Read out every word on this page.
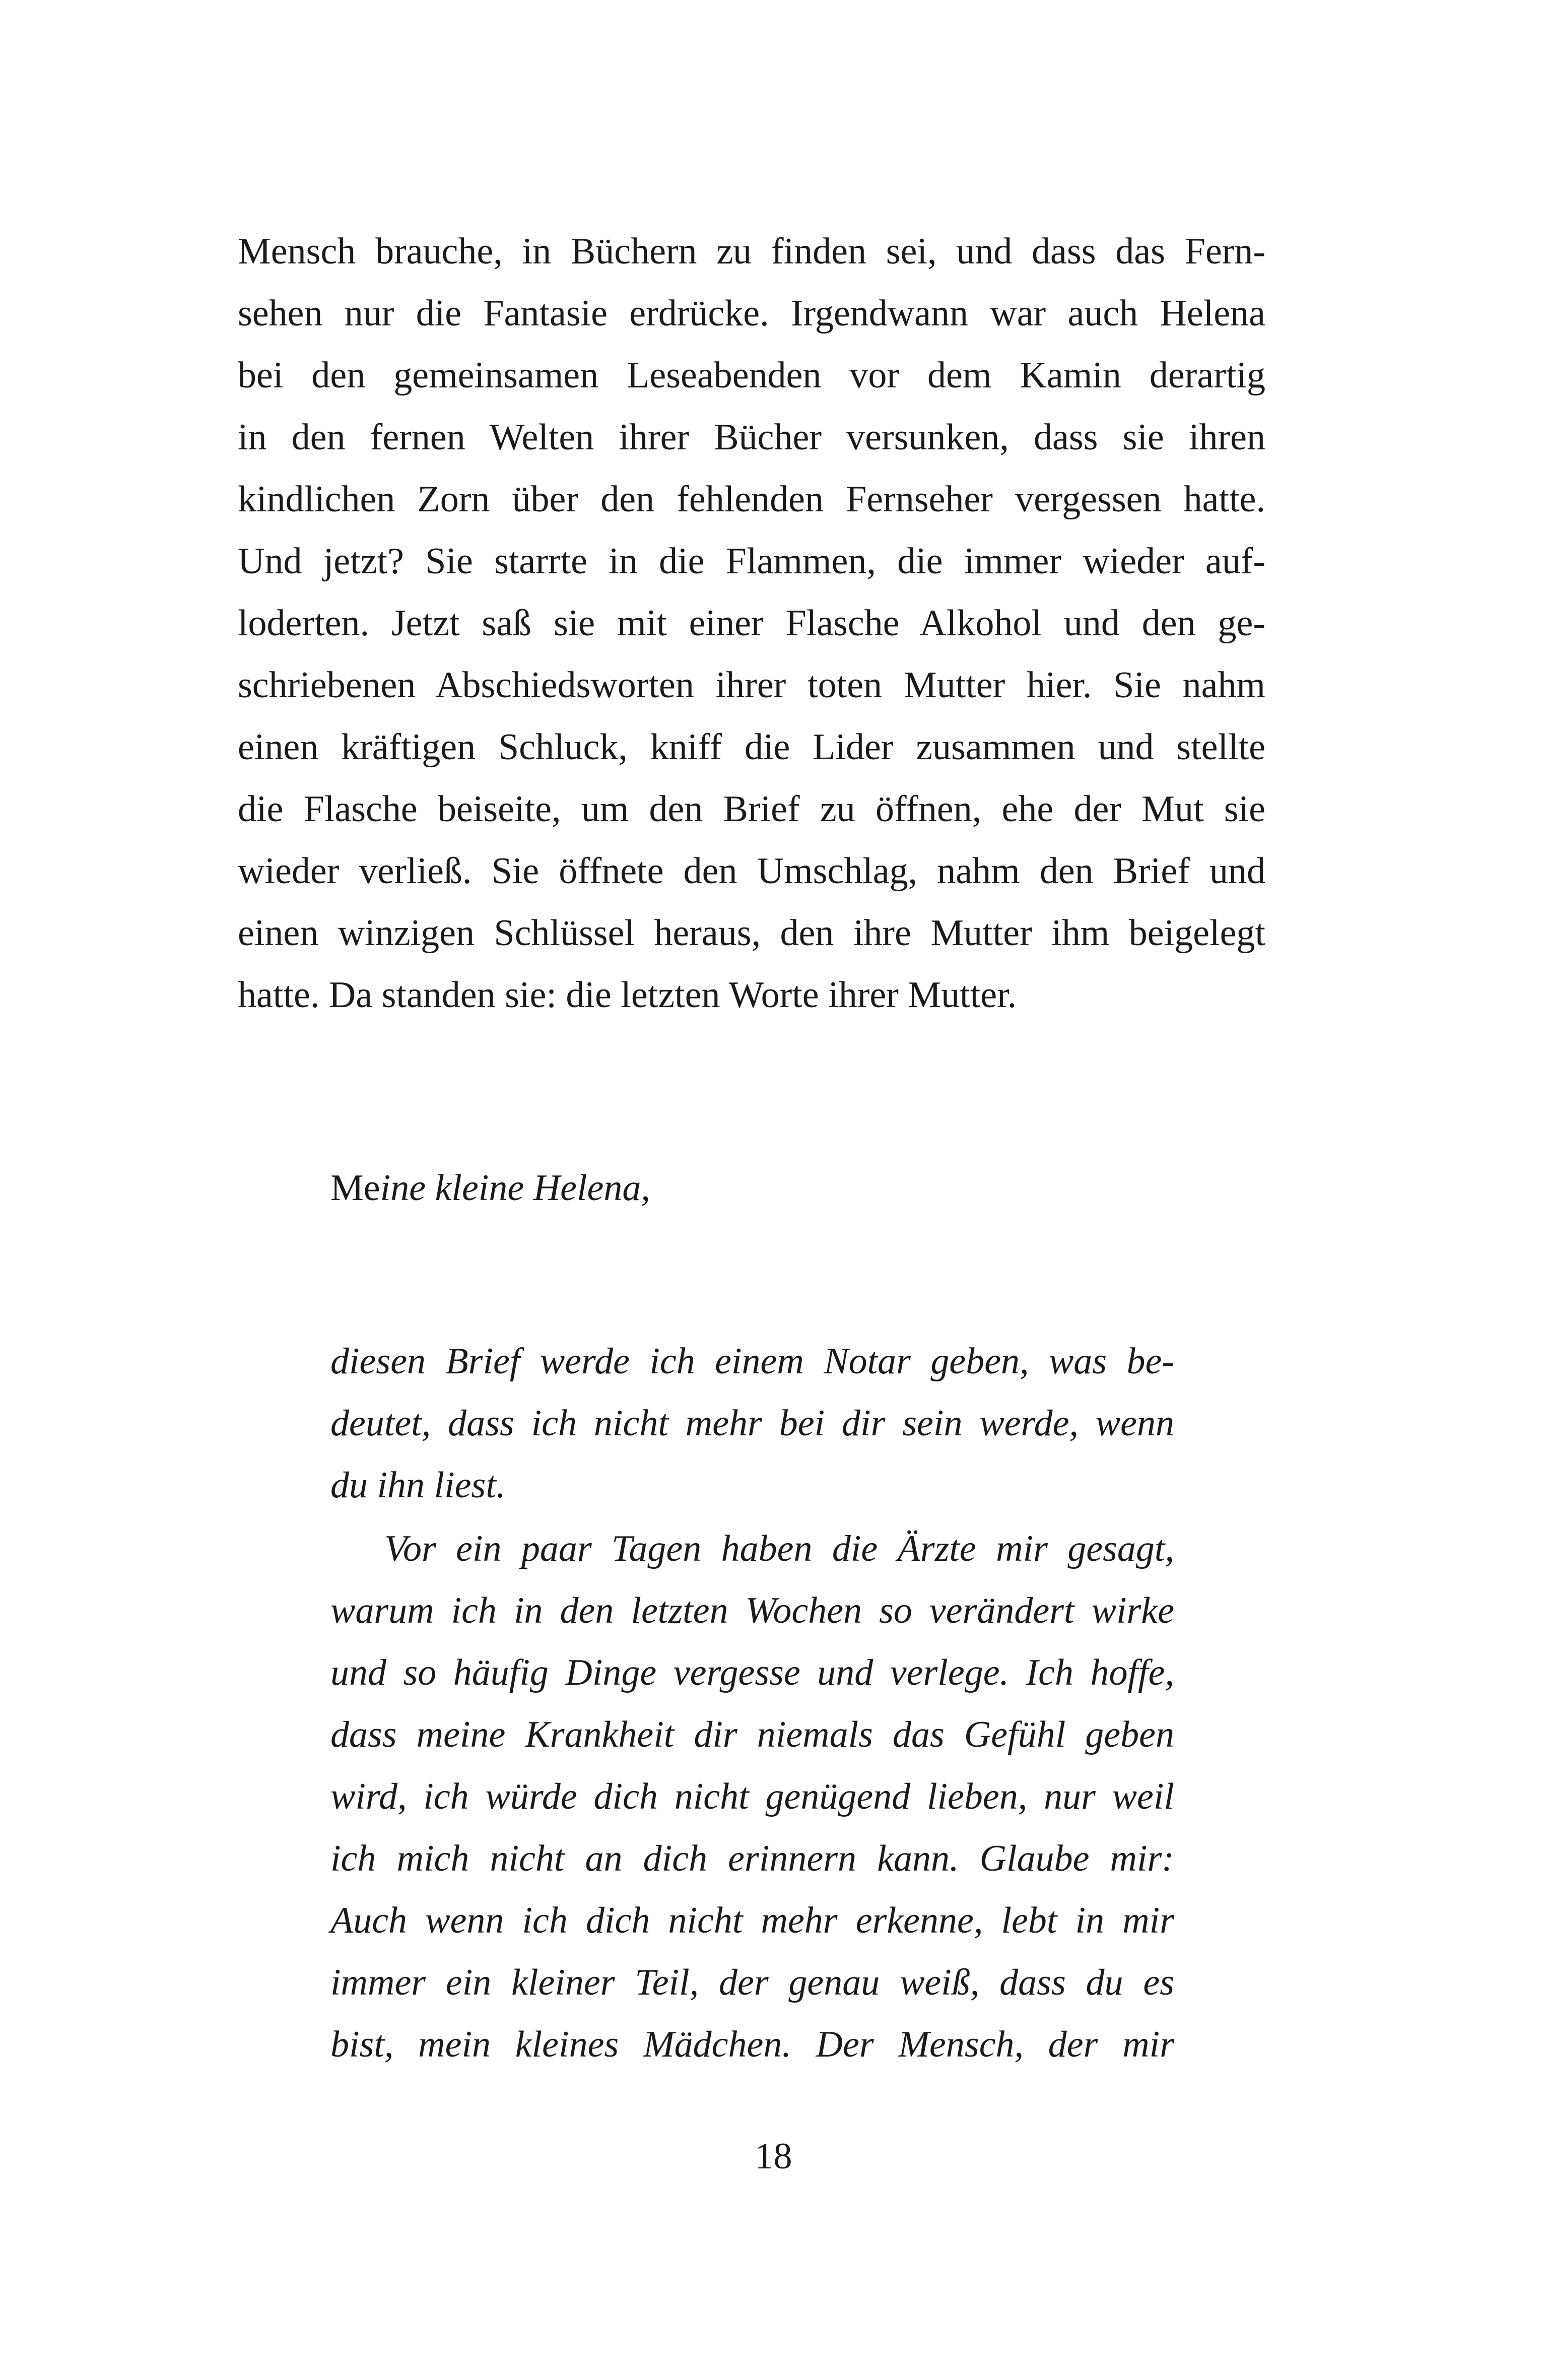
Mensch brauche, in Büchern zu finden sei, und dass das Fern-
sehen nur die Fantasie erdrücke. Irgendwann war auch Helena
bei den gemeinsamen Leseabenden vor dem Kamin derartig
in den fernen Welten ihrer Bücher versunken, dass sie ihren
kindlichen Zorn über den fehlenden Fernseher vergessen hatte.
Und jetzt? Sie starrte in die Flammen, die immer wieder auf-
loderten. Jetzt saß sie mit einer Flasche Alkohol und den ge-
schriebenen Abschiedsworten ihrer toten Mutter hier. Sie nahm
einen kräftigen Schluck, kniff die Lider zusammen und stellte
die Flasche beiseite, um den Brief zu öffnen, ehe der Mut sie
wieder verließ. Sie öffnete den Umschlag, nahm den Brief und
einen winzigen Schlüssel heraus, den ihre Mutter ihm beigelegt
hatte. Da standen sie: die letzten Worte ihrer Mutter.
Meine kleine Helena,
diesen Brief werde ich einem Notar geben, was be-
deutet, dass ich nicht mehr bei dir sein werde, wenn
du ihn liest.
Vor ein paar Tagen haben die Ärzte mir gesagt,
warum ich in den letzten Wochen so verändert wirke
und so häufig Dinge vergesse und verlege. Ich hoffe,
dass meine Krankheit dir niemals das Gefühl geben
wird, ich würde dich nicht genügend lieben, nur weil
ich mich nicht an dich erinnern kann. Glaube mir:
Auch wenn ich dich nicht mehr erkenne, lebt in mir
immer ein kleiner Teil, der genau weiß, dass du es
bist, mein kleines Mädchen. Der Mensch, der mir
18
